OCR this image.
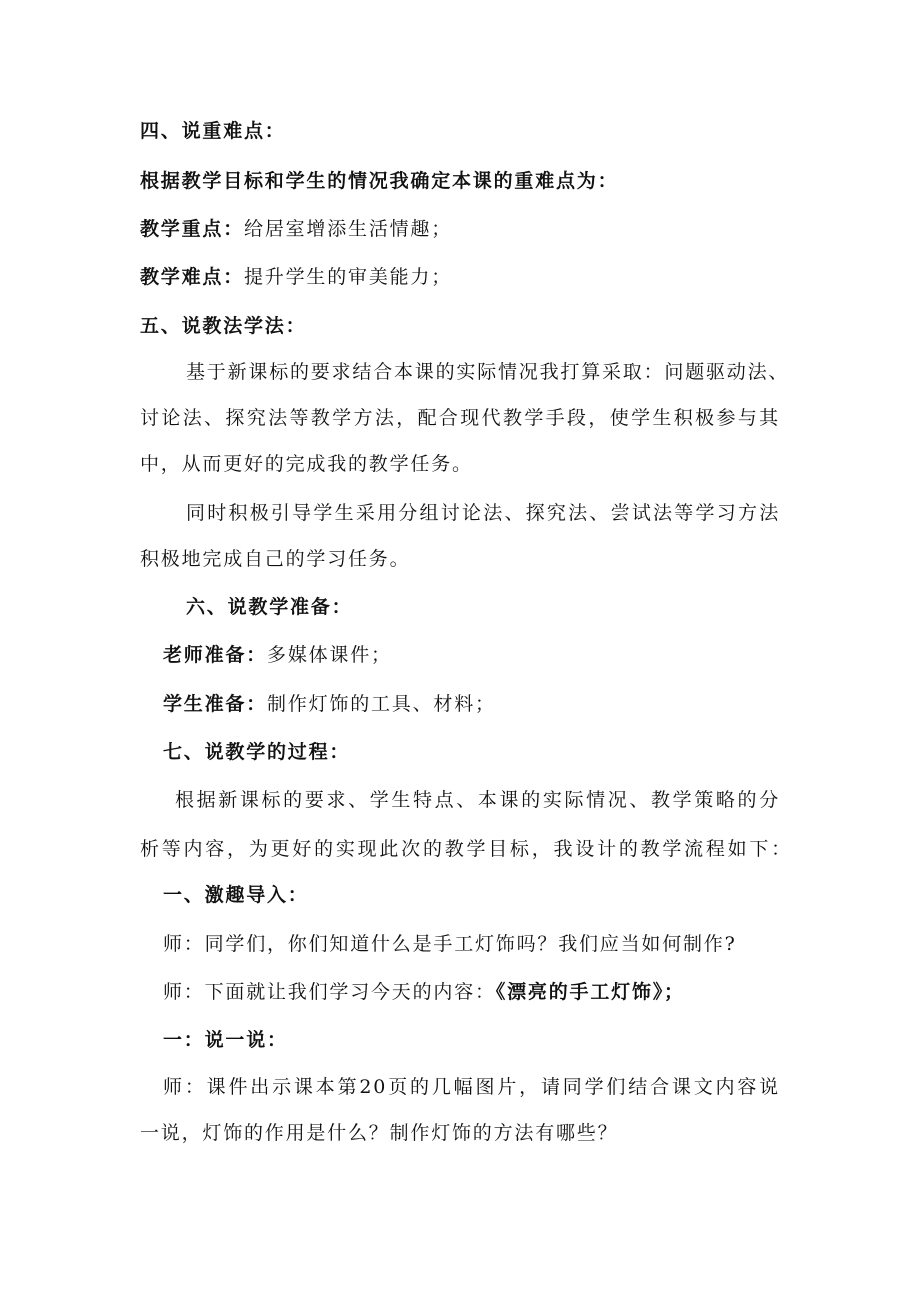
四、说重难点：
根据教学目标和学生的情况我确定本课的重难点为：
教学重点：给居室增添生活情趣；
教学难点：提升学生的审美能力；
五、说教法学法：
基于新课标的要求结合本课的实际情况我打算采取：问题驱动法、
讨论法、探究法等教学方法，配合现代教学手段，使学生积极参与其
中，从而更好的完成我的教学任务。
同时积极引导学生采用分组讨论法、探究法、尝试法等学习方法
积极地完成自己的学习任务。
六、说教学准备：
老师准备：多媒体课件；
学生准备：制作灯饰的工具、材料；
七、说教学的过程：
根据新课标的要求、学生特点、本课的实际情况、教学策略的分
析等内容，为更好的实现此次的教学目标，我设计的教学流程如下：
一、激趣导入：
师：同学们，你们知道什么是手工灯饰吗？我们应当如何制作?
师：下面就让我们学习今天的内容：《漂亮的手工灯饰》；
一：说一说：
师：课件出示课本第20页的几幅图片，请同学们结合课文内容说
一说，灯饰的作用是什么？制作灯饰的方法有哪些？
